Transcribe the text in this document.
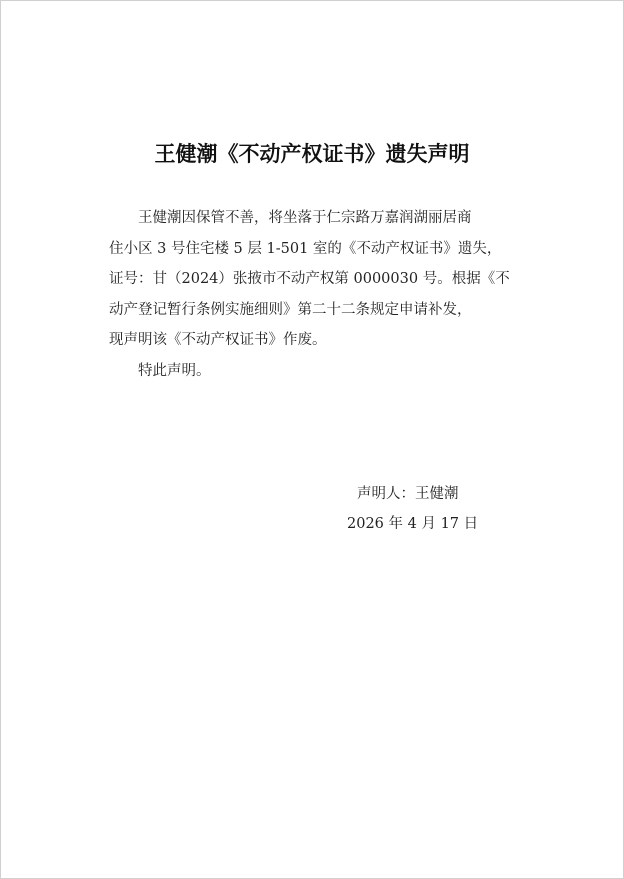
王健潮《不动产权证书》遗失声明
王健潮因保管不善，将坐落于仁宗路万嘉润湖丽居商
住小区 3 号住宅楼 5 层 1-501 室的《不动产权证书》遗失，
证号：甘（2024）张掖市不动产权第 0000030 号。根据《不
动产登记暂行条例实施细则》第二十二条规定申请补发，
现声明该《不动产权证书》作废。
特此声明。
声明人：王健潮
2026 年 4 月 17 日
